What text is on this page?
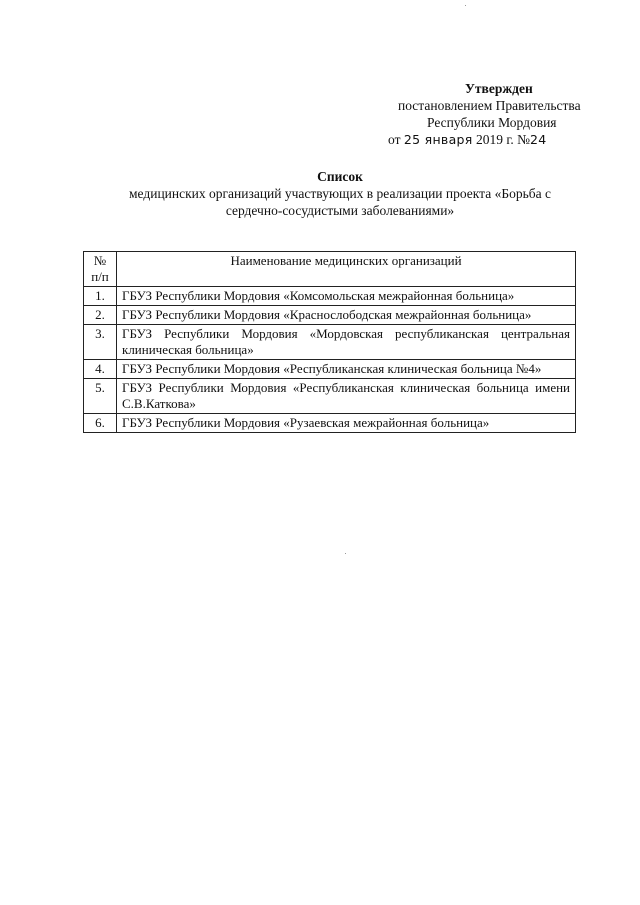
Утвержден
постановлением Правительства
Республики Мордовия
от 25 января 2019 г. №24
Список
медицинских организаций участвующих в реализации проекта «Борьба с
сердечно-сосудистыми заболеваниями»
№
п/п	Наименование медицинских организаций
1.	ГБУЗ Республики Мордовия «Комсомольская межрайонная больница»
2.	ГБУЗ Республики Мордовия «Краснослободская межрайонная больница»
3.	ГБУЗ Республики Мордовия «Мордовская республиканская центральная клиническая больница»
4.	ГБУЗ Республики Мордовия «Республиканская клиническая больница №4»
5.	ГБУЗ Республики Мордовия «Республиканская клиническая больница имени С.В.Каткова»
6.	ГБУЗ Республики Мордовия «Рузаевская межрайонная больница»
